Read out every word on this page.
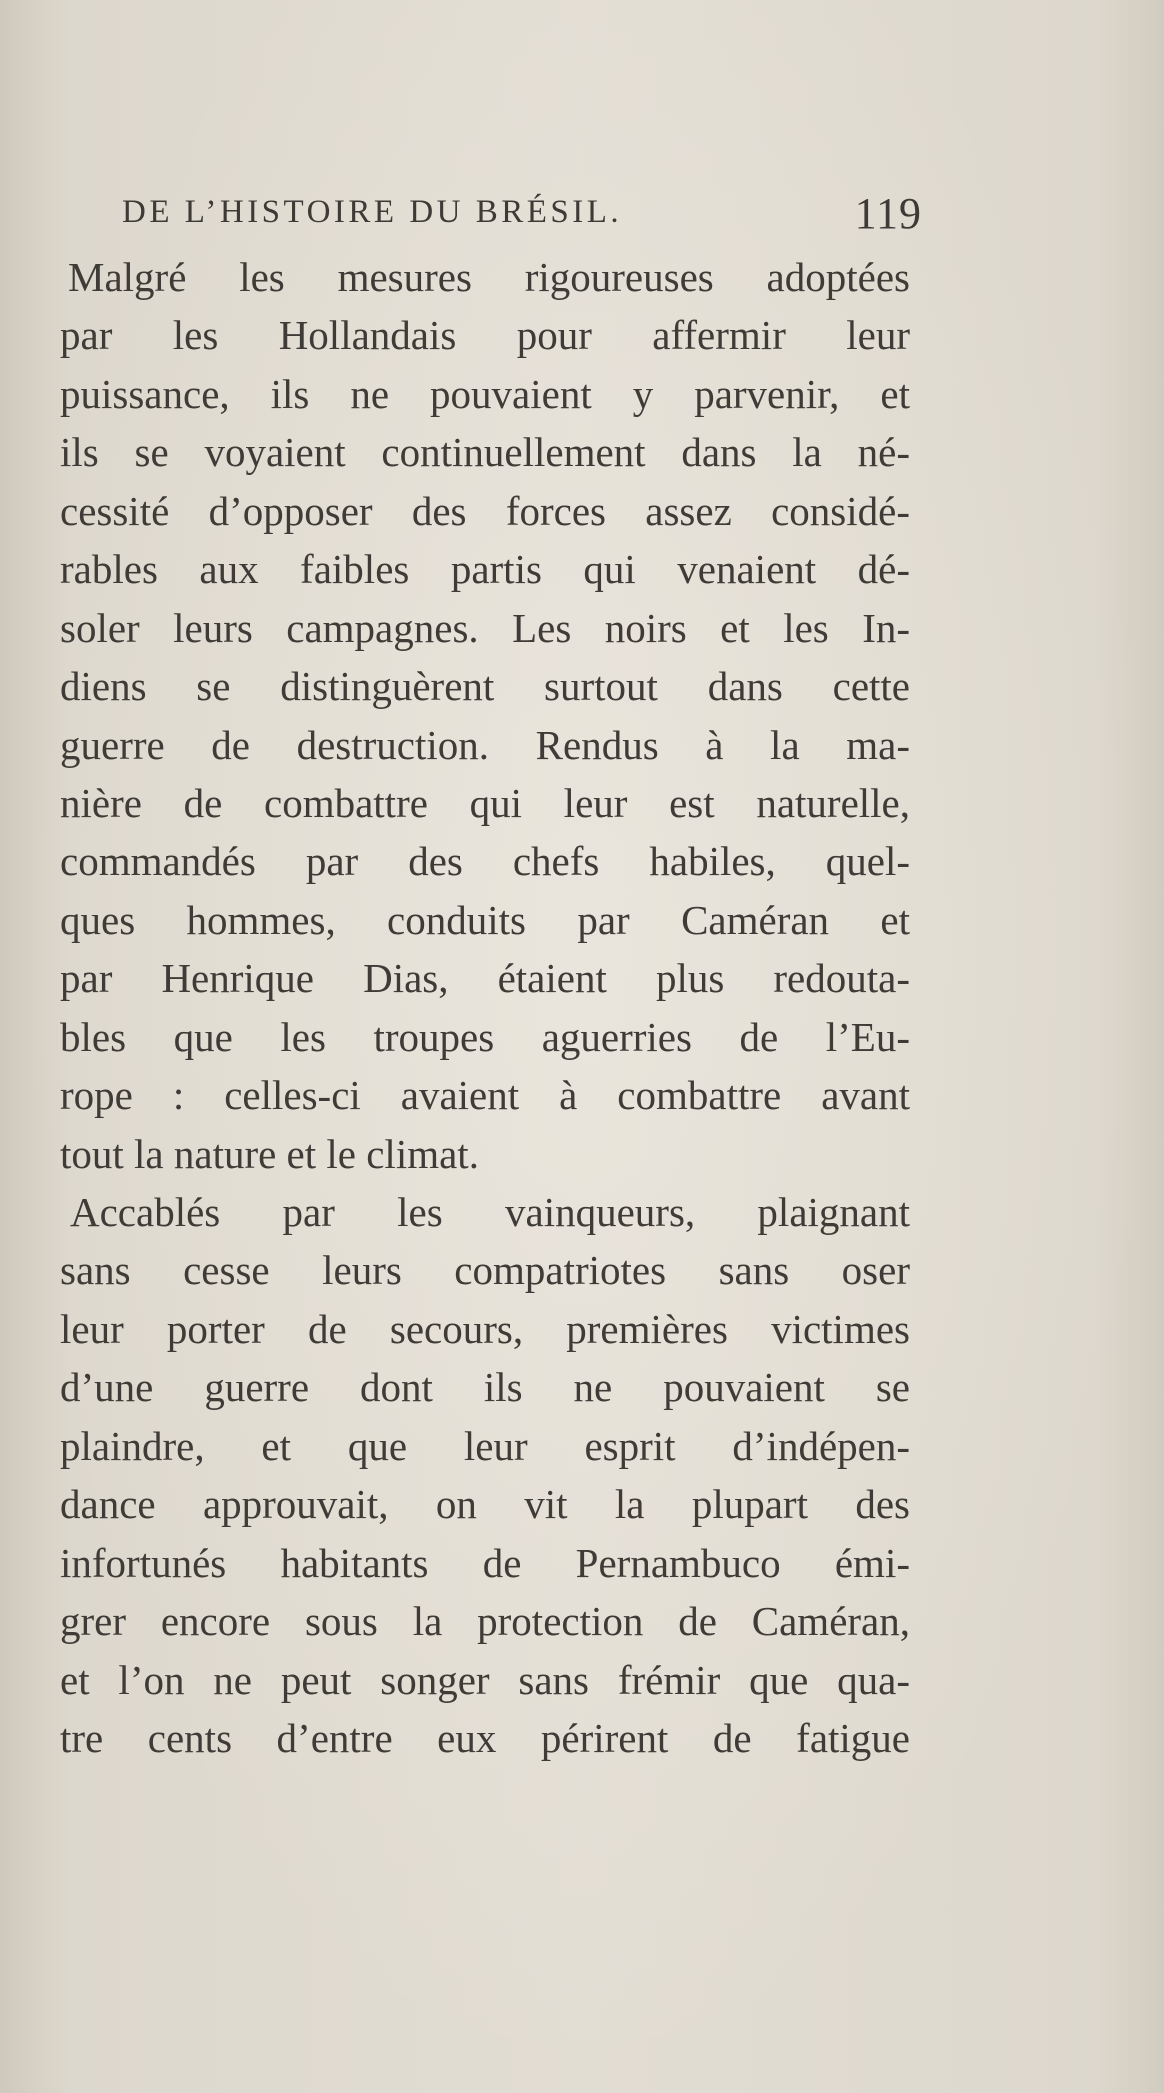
DE L’HISTOIRE DU BRÉSIL.	119
Malgré les mesures rigoureuses adoptées
par les Hollandais pour affermir leur
puissance, ils ne pouvaient y parvenir, et
ils se voyaient continuellement dans la né-
cessité d’opposer des forces assez considé-
rables aux faibles partis qui venaient dé-
soler leurs campagnes. Les noirs et les In-
diens se distinguèrent surtout dans cette
guerre de destruction. Rendus à la ma-
nière de combattre qui leur est naturelle,
commandés par des chefs habiles, quel-
ques hommes, conduits par Caméran et
par Henrique Dias, étaient plus redouta-
bles que les troupes aguerries de l’Eu-
rope : celles-ci avaient à combattre avant
tout la nature et le climat.
Accablés par les vainqueurs, plaignant
sans cesse leurs compatriotes sans oser
leur porter de secours, premières victimes
d’une guerre dont ils ne pouvaient se
plaindre, et que leur esprit d’indépen-
dance approuvait, on vit la plupart des
infortunés habitants de Pernambuco émi-
grer encore sous la protection de Caméran,
et l’on ne peut songer sans frémir que qua-
tre cents d’entre eux périrent de fatigue
